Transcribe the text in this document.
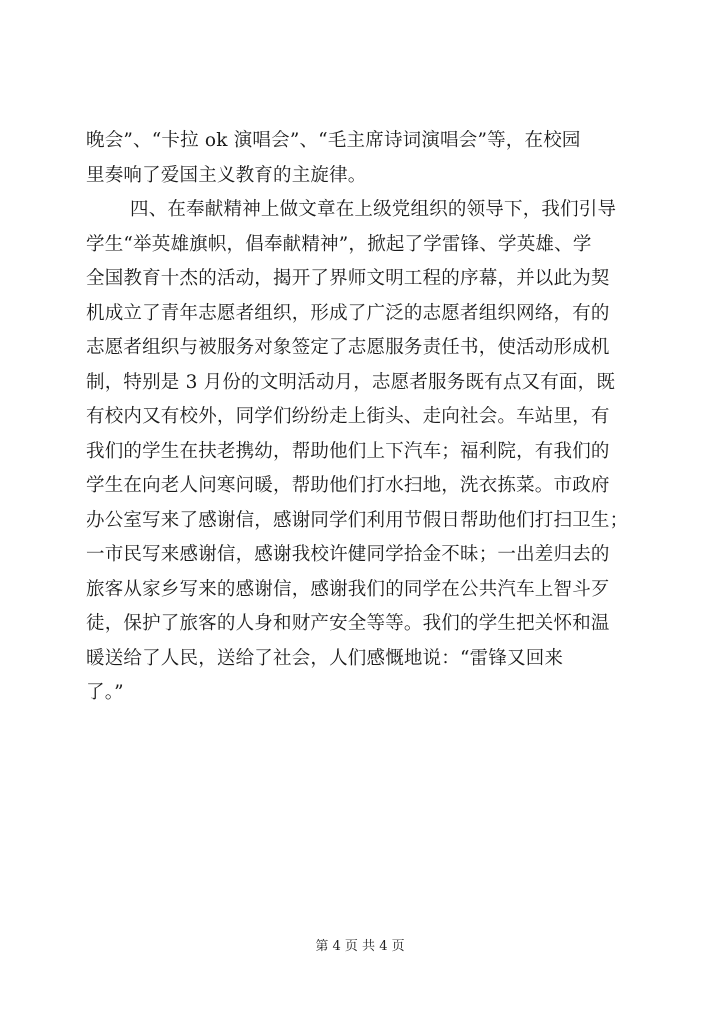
晚会”、“卡拉 ok 演唱会”、“毛主席诗词演唱会”等，在校园
里奏响了爱国主义教育的主旋律。
四、在奉献精神上做文章在上级党组织的领导下，我们引导
学生“举英雄旗帜，倡奉献精神”，掀起了学雷锋、学英雄、学
全国教育十杰的活动，揭开了界师文明工程的序幕，并以此为契
机成立了青年志愿者组织，形成了广泛的志愿者组织网络，有的
志愿者组织与被服务对象签定了志愿服务责任书，使活动形成机
制，特别是 3 月份的文明活动月，志愿者服务既有点又有面，既
有校内又有校外，同学们纷纷走上街头、走向社会。车站里，有
我们的学生在扶老携幼，帮助他们上下汽车；福利院，有我们的
学生在向老人问寒问暖，帮助他们打水扫地，洗衣拣菜。市政府
办公室写来了感谢信，感谢同学们利用节假日帮助他们打扫卫生；
一市民写来感谢信，感谢我校许健同学拾金不昧；一出差归去的
旅客从家乡写来的感谢信，感谢我们的同学在公共汽车上智斗歹
徒，保护了旅客的人身和财产安全等等。我们的学生把关怀和温
暖送给了人民，送给了社会，人们感慨地说：“雷锋又回来
了。”
第 4 页 共 4 页
